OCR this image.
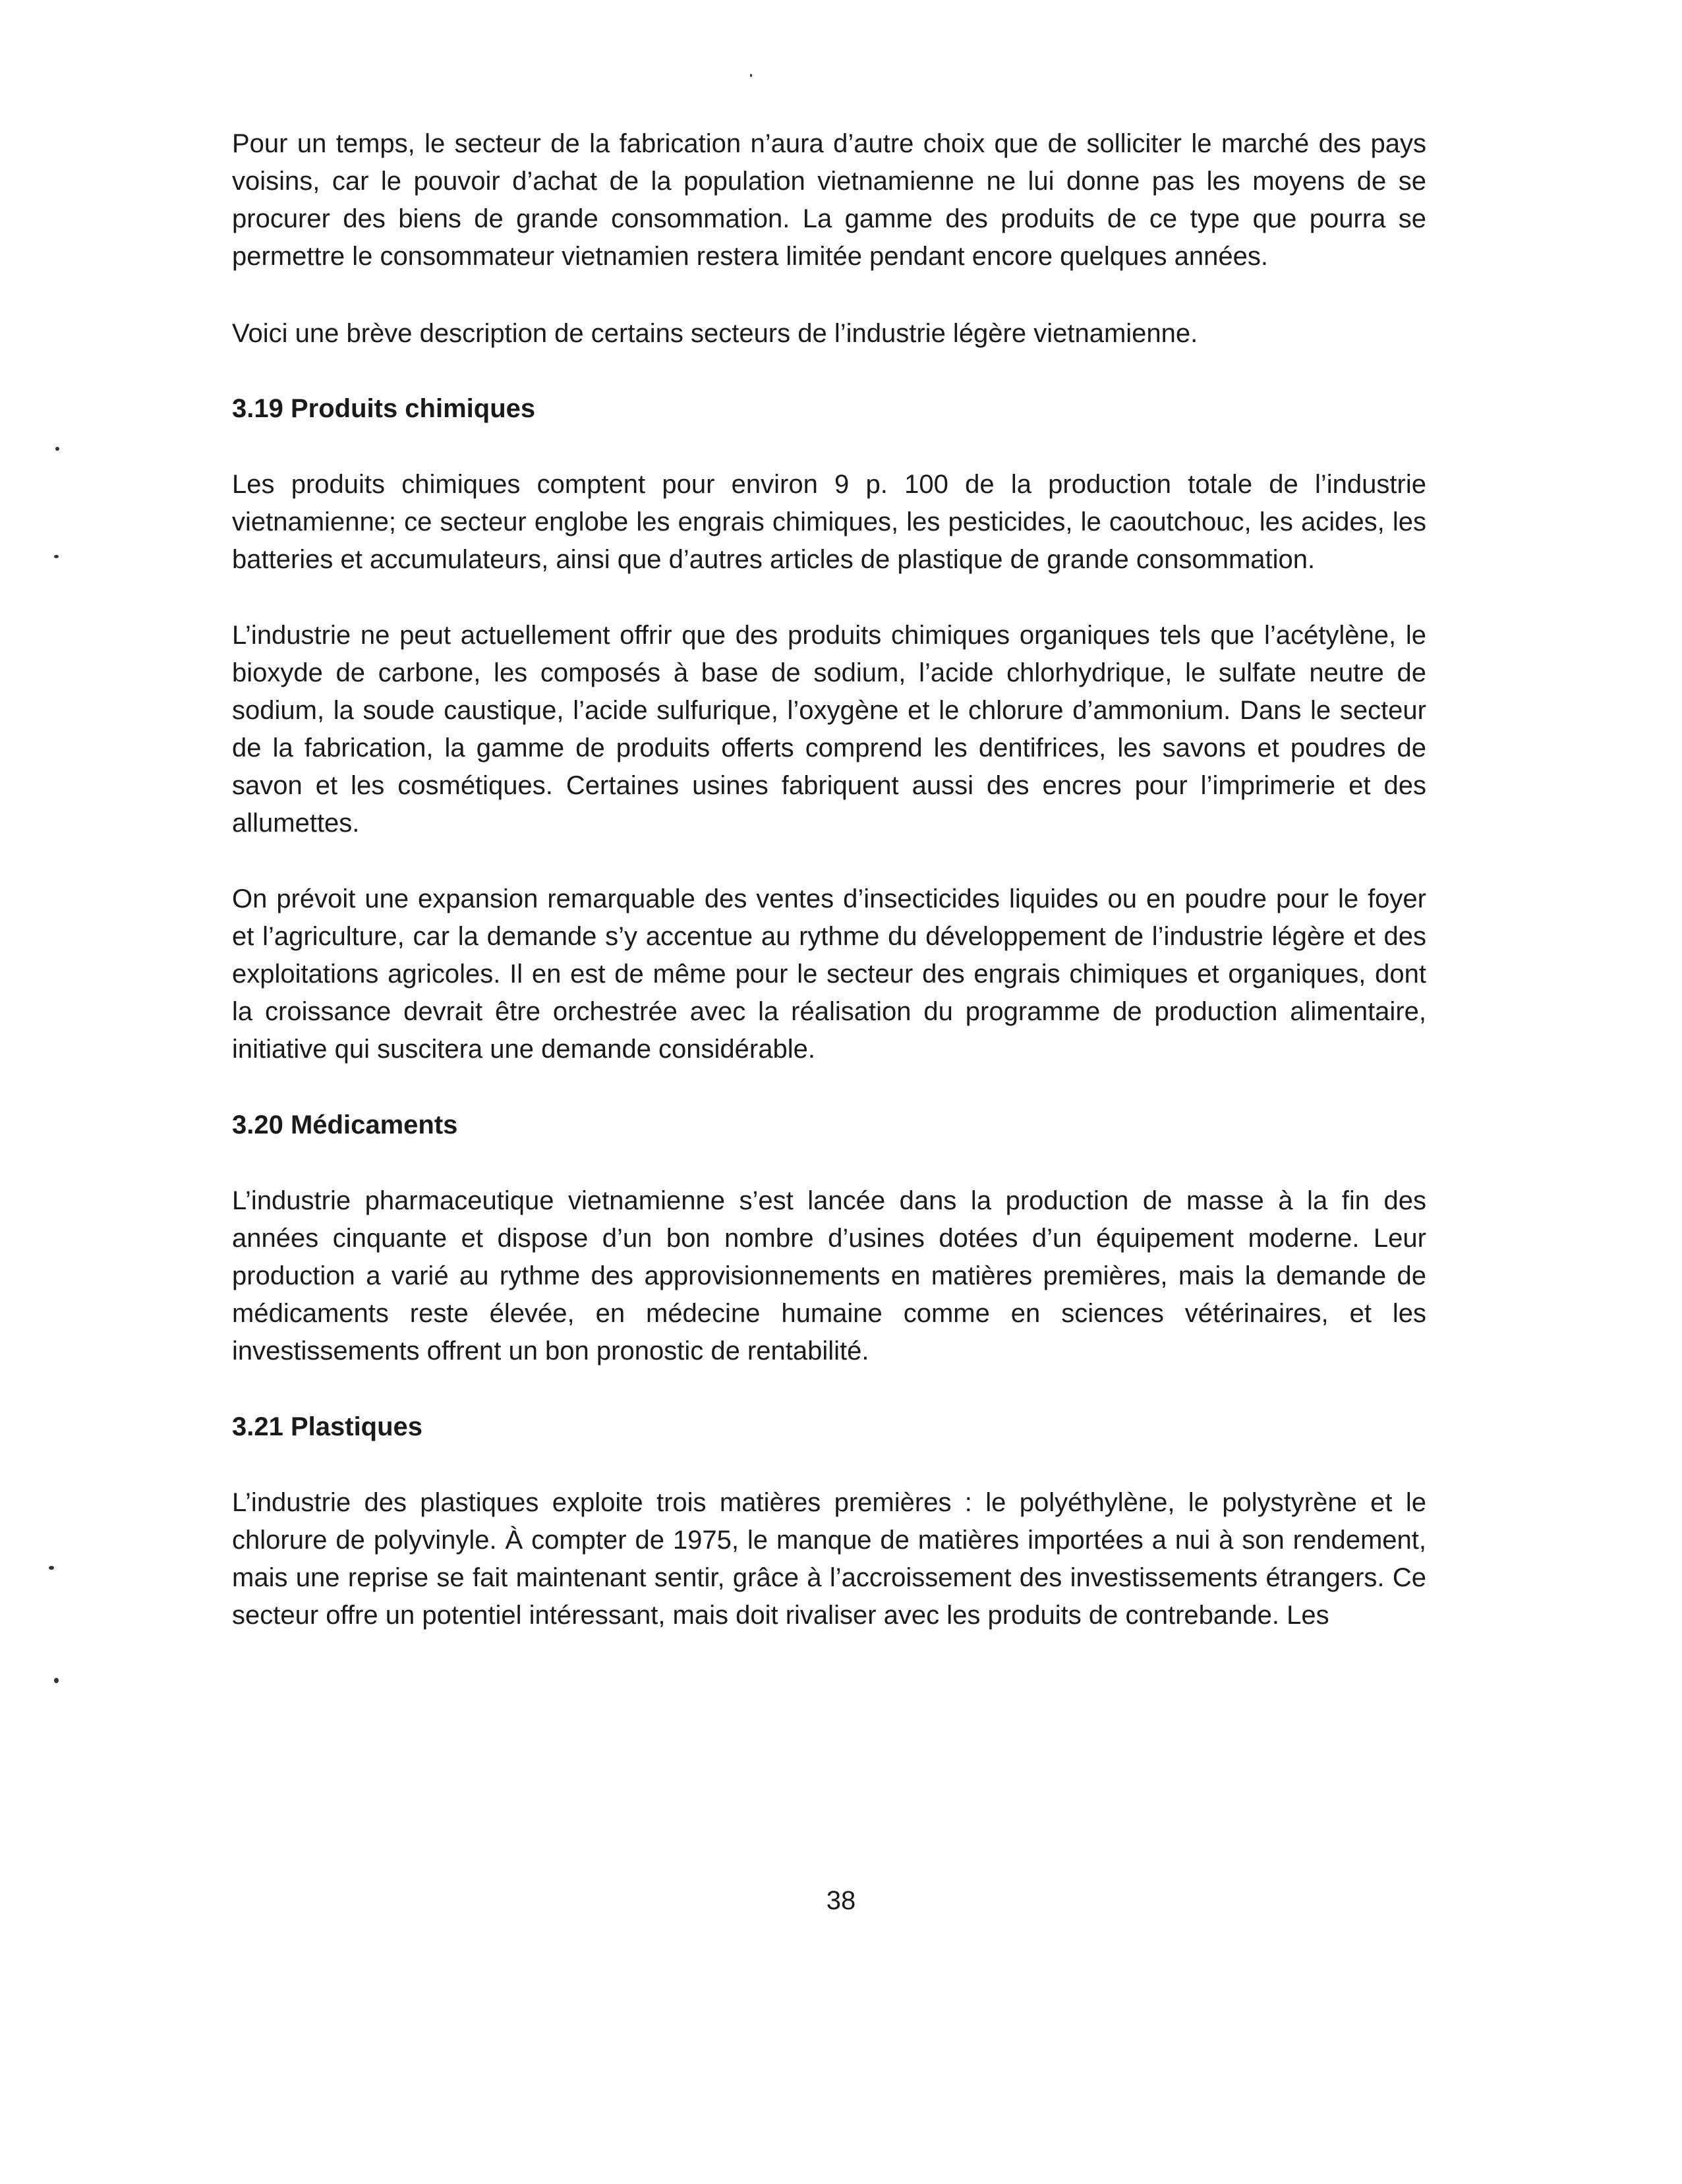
Pour un temps, le secteur de la fabrication n’aura d’autre choix que de solliciter le marché des pays voisins, car le pouvoir d’achat de la population vietnamienne ne lui donne pas les moyens de se procurer des biens de grande consommation. La gamme des produits de ce type que pourra se permettre le consommateur vietnamien restera limitée pendant encore quelques années.

Voici une brève description de certains secteurs de l’industrie légère vietnamienne.

3.19 Produits chimiques

Les produits chimiques comptent pour environ 9 p. 100 de la production totale de l’industrie vietnamienne; ce secteur englobe les engrais chimiques, les pesticides, le caoutchouc, les acides, les batteries et accumulateurs, ainsi que d’autres articles de plastique de grande consommation.

L’industrie ne peut actuellement offrir que des produits chimiques organiques tels que l’acétylène, le bioxyde de carbone, les composés à base de sodium, l’acide chlorhydrique, le sulfate neutre de sodium, la soude caustique, l’acide sulfurique, l’oxygène et le chlorure d’ammonium. Dans le secteur de la fabrication, la gamme de produits offerts comprend les dentifrices, les savons et poudres de savon et les cosmétiques. Certaines usines fabriquent aussi des encres pour l’imprimerie et des allumettes.

On prévoit une expansion remarquable des ventes d’insecticides liquides ou en poudre pour le foyer et l’agriculture, car la demande s’y accentue au rythme du développement de l’industrie légère et des exploitations agricoles. Il en est de même pour le secteur des engrais chimiques et organiques, dont la croissance devrait être orchestrée avec la réalisation du programme de production alimentaire, initiative qui suscitera une demande considérable.

3.20 Médicaments

L’industrie pharmaceutique vietnamienne s’est lancée dans la production de masse à la fin des années cinquante et dispose d’un bon nombre d’usines dotées d’un équipement moderne. Leur production a varié au rythme des approvisionnements en matières premières, mais la demande de médicaments reste élevée, en médecine humaine comme en sciences vétérinaires, et les investissements offrent un bon pronostic de rentabilité.

3.21 Plastiques

L’industrie des plastiques exploite trois matières premières : le polyéthylène, le polystyrène et le chlorure de polyvinyle. À compter de 1975, le manque de matières importées a nui à son rendement, mais une reprise se fait maintenant sentir, grâce à l’accroissement des investissements étrangers. Ce secteur offre un potentiel intéressant, mais doit rivaliser avec les produits de contrebande. Les

38
